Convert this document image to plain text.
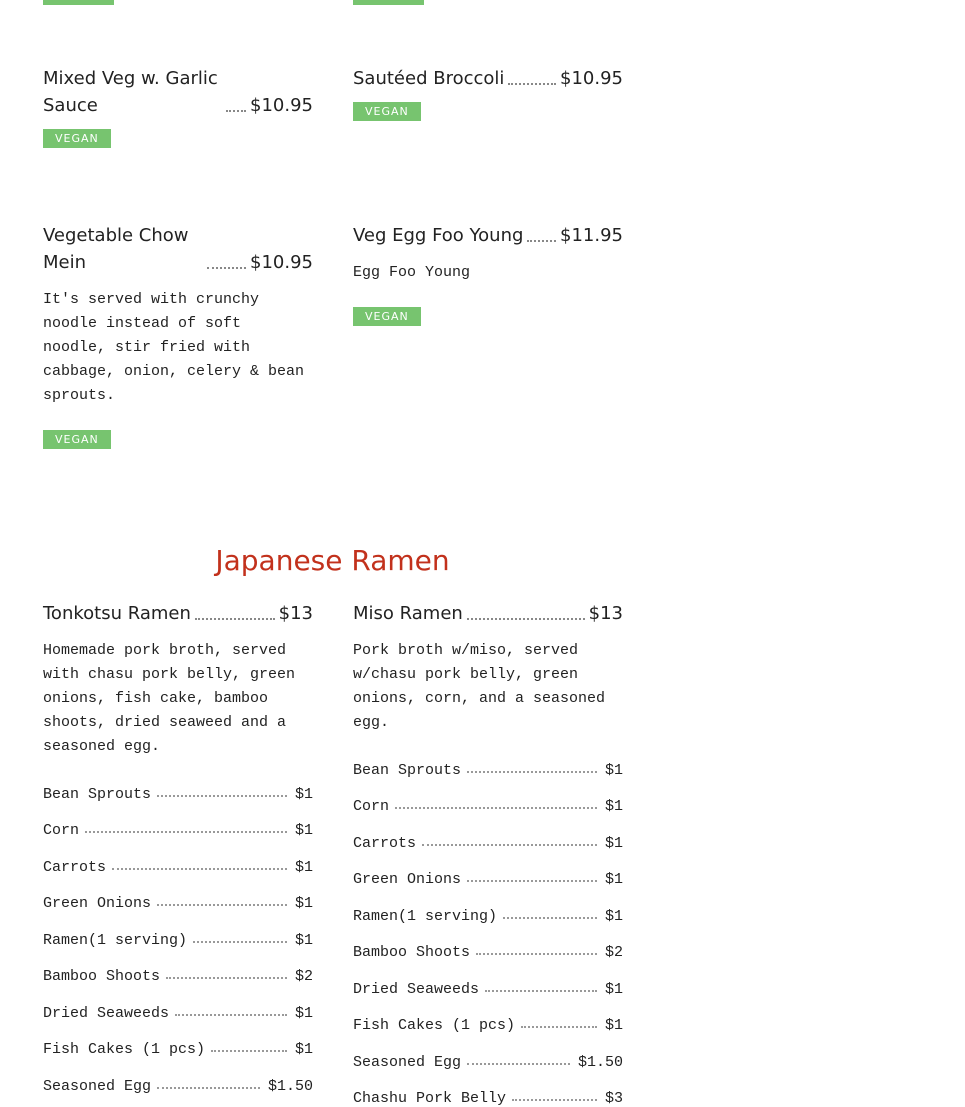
Mixed Veg w. Garlic Sauce	$10.95
VEGAN
Vegetable Chow Mein	$10.95
It's served with crunchy noodle instead of soft noodle, stir fried with cabbage, onion, celery & bean sprouts.
VEGAN
Sautéed Broccoli	$10.95
VEGAN
Veg Egg Foo Young $11.95
Egg Foo Young
VEGAN
Japanese Ramen
Tonkotsu Ramen	$13
Homemade pork broth, served with chasu pork belly, green onions, fish cake, bamboo shoots, dried seaweed and a seasoned egg.
Bean Sprouts	$1
Corn	$1
Carrots	$1
Green Onions	$1
Ramen(1 serving)	$1
Bamboo Shoots	$2
Dried Seaweeds	$1
Fish Cakes (1 pcs)	$1
Seasoned Egg	$1.50
Miso Ramen	$13
Pork broth w/miso, served w/chasu pork belly, green onions, corn, and a seasoned egg.
Bean Sprouts	$1
Corn	$1
Carrots	$1
Green Onions	$1
Ramen(1 serving)	$1
Bamboo Shoots	$2
Dried Seaweeds	$1
Fish Cakes (1 pcs)	$1
Seasoned Egg	$1.50
Chashu Pork Belly	$3
